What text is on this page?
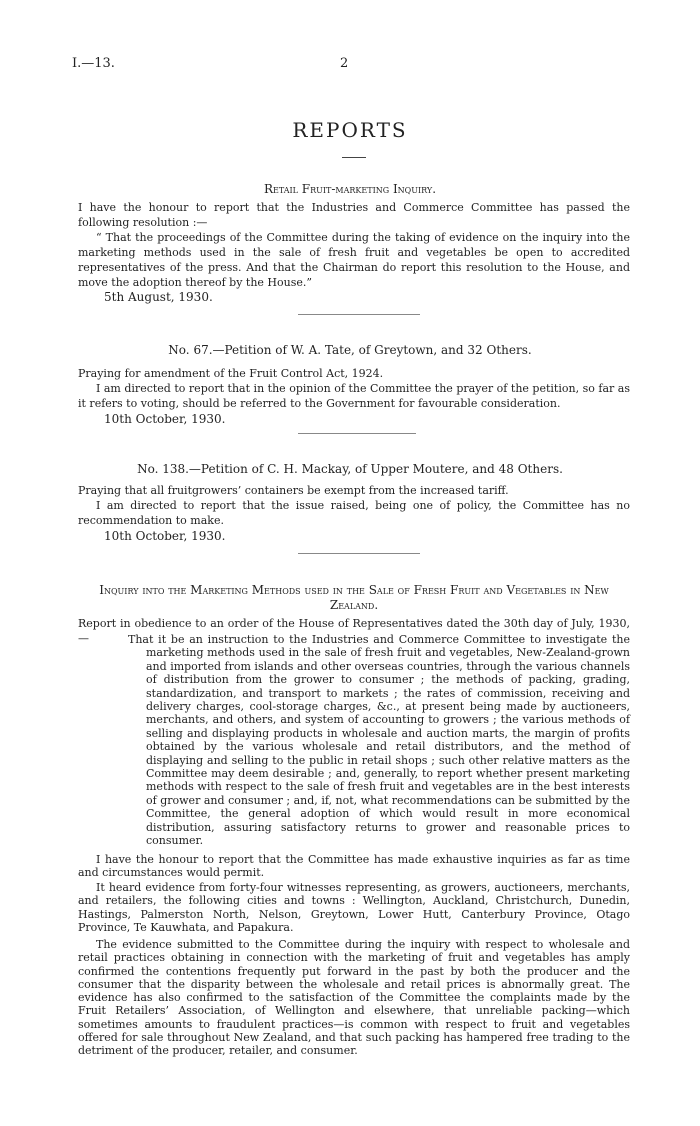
I.—13.	2
REPORTS
Retail Fruit-marketing Inquiry.

I have the honour to report that the Industries and Commerce Committee has passed the following resolution :—

“ That the proceedings of the Committee during the taking of evidence on the inquiry into the marketing methods used in the sale of fresh fruit and vegetables be open to accredited representatives of the press. And that the Chairman do report this resolution to the House, and move the adoption thereof by the House.”

5th August, 1930.
No. 67.—Petition of W. A. Tate, of Greytown, and 32 Others.

Praying for amendment of the Fruit Control Act, 1924.

I am directed to report that in the opinion of the Committee the prayer of the petition, so far as it refers to voting, should be referred to the Government for favourable consideration.

10th October, 1930.
No. 138.—Petition of C. H. Mackay, of Upper Moutere, and 48 Others.

Praying that all fruitgrowers’ containers be exempt from the increased tariff.

I am directed to report that the issue raised, being one of policy, the Committee has no recommendation to make.

10th October, 1930.

Inquiry into the Marketing Methods used in the Sale of Fresh Fruit and Vegetables in New Zealand.

Report in obedience to an order of the House of Representatives dated the 30th day of July, 1930,—	That it be an instruction to the Industries and Commerce Committee to investigate the marketing methods used in the sale of fresh fruit and vegetables, New-Zealand-grown and imported from islands and other overseas countries, through the various channels of distribution from the grower to consumer ; the methods of packing, grading, standardization, and transport to markets ; the rates of commission, receiving and delivery charges, cool-storage charges, &c., at present being made by auctioneers, merchants, and others, and system of accounting to growers ; the various methods of selling and displaying products in wholesale and auction marts, the margin of profits obtained by the various wholesale and retail distributors, and the method of displaying and selling to the public in retail shops ; such other relative matters as the Committee may deem desirable ; and, generally, to report whether present marketing methods with respect to the sale of fresh fruit and vegetables are in the best interests of grower and consumer ; and, if, not, what recommendations can be submitted by the Committee, the general adoption of which would result in more economical distribution, assuring satisfactory returns to grower and reasonable prices to consumer.

I have the honour to report that the Committee has made exhaustive inquiries as far as time and circumstances would permit.

It heard evidence from forty-four witnesses representing, as growers, auctioneers, merchants, and retailers, the following cities and towns : Wellington, Auckland, Christchurch, Dunedin, Hastings, Palmerston North, Nelson, Greytown, Lower Hutt, Canterbury Province, Otago Province, Te Kauwhata, and Papakura.

The evidence submitted to the Committee during the inquiry with respect to wholesale and retail practices obtaining in connection with the marketing of fruit and vegetables has amply confirmed the contentions frequently put forward in the past by both the producer and the consumer that the disparity between the wholesale and retail prices is abnormally great. The evidence has also confirmed to the satisfaction of the Committee the complaints made by the Fruit Retailers’ Association, of Wellington and elsewhere, that unreliable packing—which sometimes amounts to fraudulent practices—is common with respect to fruit and vegetables offered for sale throughout New Zealand, and that such packing has hampered free trading to the detriment of the producer, retailer, and consumer.
